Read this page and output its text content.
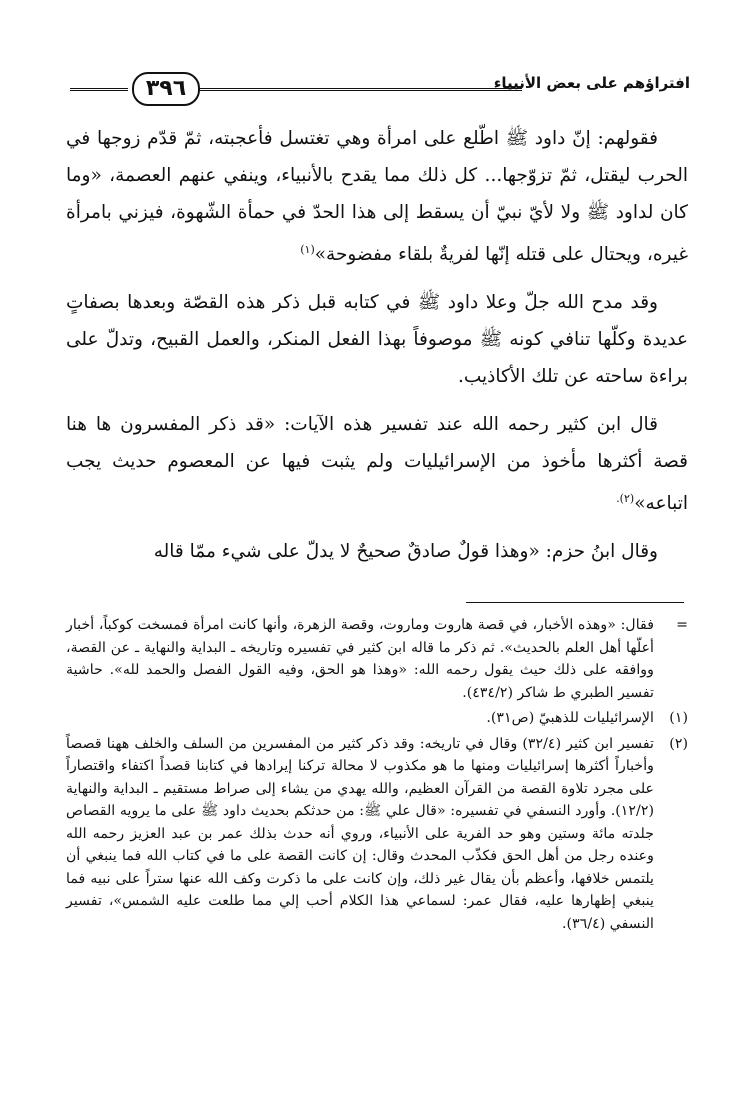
افتراؤهم على بعض الأنبياء
٣٩٦

فقولهم: إنّ داود ﷺ اطّلع على امرأة وهي تغتسل فأعجبته، ثمّ قدّم زوجها في الحرب ليقتل، ثمّ تزوّجها... كل ذلك مما يقدح بالأنبياء، وينفي عنهم العصمة، «وما كان لداود ﷺ ولا لأيّ نبيّ أن يسقط إلى هذا الحدّ في حمأة الشّهوة، فيزني بامرأة غيره، ويحتال على قتله إنّها لفريةٌ بلقاء مفضوحة»$^{(١)}$

وقد مدح الله جلّ وعلا داود ﷺ في كتابه قبل ذكر هذه القصّة وبعدها بصفاتٍ عديدة وكلّها تنافي كونه ﷺ موصوفاً بهذا الفعل المنكر، والعمل القبيح، وتدلّ على براءة ساحته عن تلك الأكاذيب.

قال ابن كثير رحمه الله عند تفسير هذه الآيات: «قد ذكر المفسرون ها هنا قصة أكثرها مأخوذ من الإسرائيليات ولم يثبت فيها عن المعصوم حديث يجب اتباعه»$^{(٢).}$

وقال ابنُ حزم: «وهذا قولٌ صادقٌ صحيحٌ لا يدلّ على شيء ممّا قاله

=
فقال: «وهذه الأخبار، في قصة هاروت وماروت، وقصة الزهرة، وأنها كانت امرأة فمسخت كوكباً، أخبار أعلّها أهل العلم بالحديث». ثم ذكر ما قاله ابن كثير في تفسيره وتاريخه ـ البداية والنهاية ـ عن القصة، ووافقه على ذلك حيث يقول رحمه الله: «وهذا هو الحق، وفيه القول الفصل والحمد لله». حاشية تفسير الطبري ط شاكر (٤٣٤/٢).
(١)
الإسرائيليات للذهبيّ (ص٣١).
(٢)
تفسير ابن كثير (٣٢/٤) وقال في تاريخه: وقد ذكر كثير من المفسرين من السلف والخلف ههنا قصصاً وأخباراً أكثرها إسرائيليات ومنها ما هو مكذوب لا محالة تركنا إيرادها في كتابنا قصداً اكتفاء واقتصاراً على مجرد تلاوة القصة من القرآن العظيم، والله يهدي من يشاء إلى صراط مستقيم ـ البداية والنهاية (١٢/٢). وأورد النسفي في تفسيره: «قال علي ﷺ: من حدثكم بحديث داود ﷺ على ما يرويه القصاص جلدته مائة وستين وهو حد الفرية على الأنبياء، وروي أنه حدث بذلك عمر بن عبد العزيز رحمه الله وعنده رجل من أهل الحق فكذّب المحدث وقال: إن كانت القصة على ما في كتاب الله فما ينبغي أن يلتمس خلافها، وأعظم بأن يقال غير ذلك، وإن كانت على ما ذكرت وكف الله عنها ستراً على نبيه فما ينبغي إظهارها عليه، فقال عمر: لسماعي هذا الكلام أحب إلي مما طلعت عليه الشمس»، تفسير النسفي (٣٦/٤).
